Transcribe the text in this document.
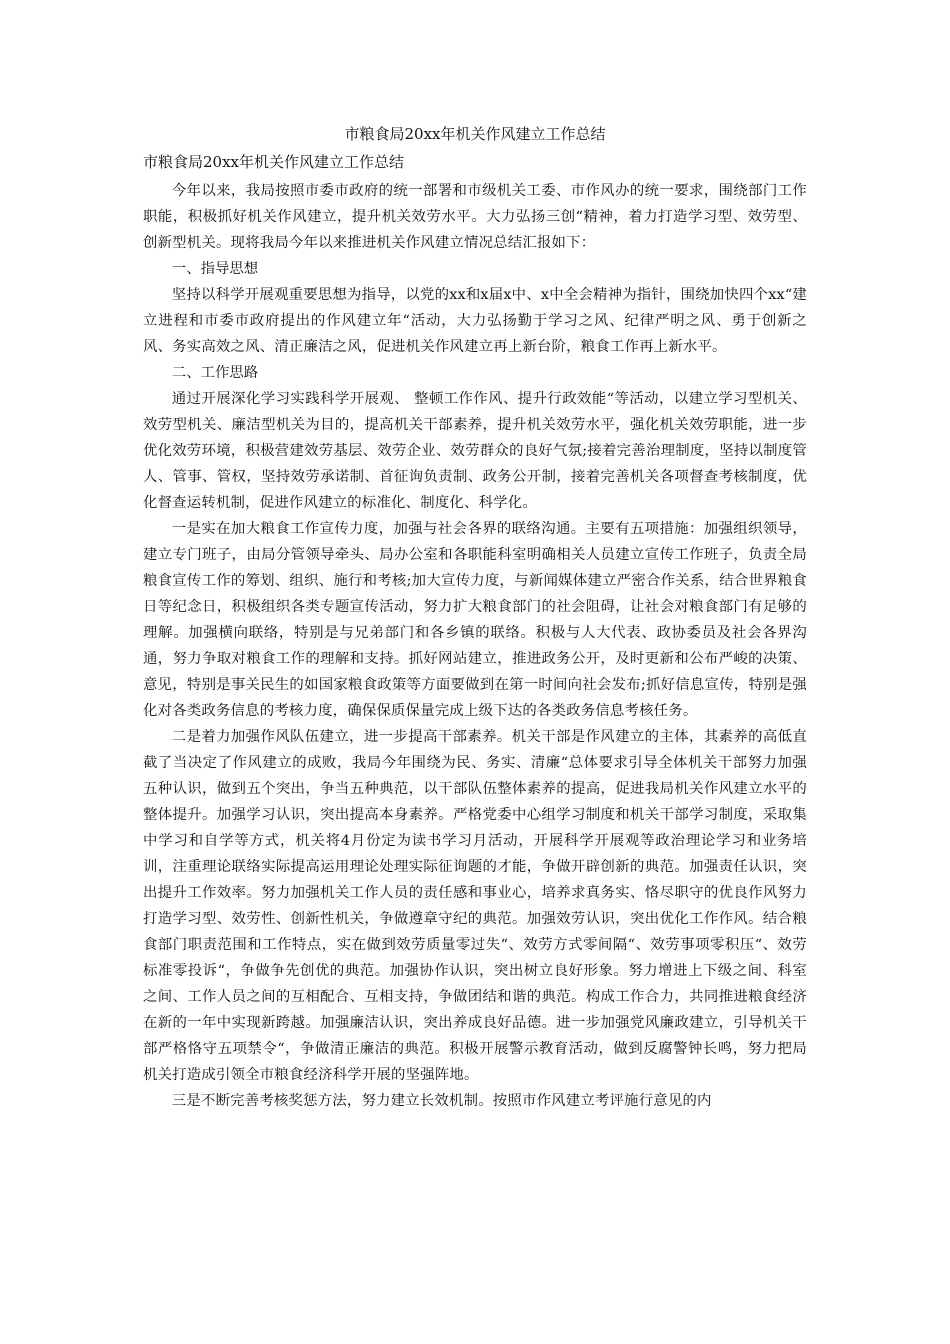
市粮食局20xx年机关作风建立工作总结
市粮食局20xx年机关作风建立工作总结

今年以来，我局按照市委市政府的统一部署和市级机关工委、市作风办的统一要求，围绕部门工作职能，积极抓好机关作风建立，提升机关效劳水平。大力弘扬三创“精神，着力打造学习型、效劳型、创新型机关。现将我局今年以来推进机关作风建立情况总结汇报如下：

一、指导思想

坚持以科学开展观重要思想为指导，以党的xx和x届x中、x中全会精神为指针，围绕加快四个xx“建立进程和市委市政府提出的作风建立年“活动，大力弘扬勤于学习之风、纪律严明之风、勇于创新之风、务实高效之风、清正廉洁之风，促进机关作风建立再上新台阶，粮食工作再上新水平。

二、工作思路

通过开展深化学习实践科学开展观、 整顿工作作风、提升行政效能“等活动，以建立学习型机关、效劳型机关、廉洁型机关为目的，提高机关干部素养，提升机关效劳水平，强化机关效劳职能，进一步优化效劳环境，积极营建效劳基层、效劳企业、效劳群众的良好气氛;接着完善治理制度，坚持以制度管人、管事、管权，坚持效劳承诺制、首征询负责制、政务公开制，接着完善机关各项督查考核制度，优化督查运转机制，促进作风建立的标准化、制度化、科学化。

一是实在加大粮食工作宣传力度，加强与社会各界的联络沟通。主要有五项措施：加强组织领导，建立专门班子，由局分管领导牵头、局办公室和各职能科室明确相关人员建立宣传工作班子，负责全局粮食宣传工作的筹划、组织、施行和考核;加大宣传力度，与新闻媒体建立严密合作关系，结合世界粮食日等纪念日，积极组织各类专题宣传活动，努力扩大粮食部门的社会阻碍，让社会对粮食部门有足够的理解。加强横向联络，特别是与兄弟部门和各乡镇的联络。积极与人大代表、政协委员及社会各界沟通，努力争取对粮食工作的理解和支持。抓好网站建立，推进政务公开，及时更新和公布严峻的决策、意见，特别是事关民生的如国家粮食政策等方面要做到在第一时间向社会发布;抓好信息宣传，特别是强化对各类政务信息的考核力度，确保保质保量完成上级下达的各类政务信息考核任务。

二是着力加强作风队伍建立，进一步提高干部素养。机关干部是作风建立的主体，其素养的高低直截了当决定了作风建立的成败，我局今年围绕为民、务实、清廉“总体要求引导全体机关干部努力加强五种认识，做到五个突出，争当五种典范，以干部队伍整体素养的提高，促进我局机关作风建立水平的整体提升。加强学习认识，突出提高本身素养。严格党委中心组学习制度和机关干部学习制度，采取集中学习和自学等方式，机关将4月份定为读书学习月活动，开展科学开展观等政治理论学习和业务培训，注重理论联络实际提高运用理论处理实际征询题的才能，争做开辟创新的典范。加强责任认识，突出提升工作效率。努力加强机关工作人员的责任感和事业心，培养求真务实、恪尽职守的优良作风努力打造学习型、效劳性、创新性机关，争做遵章守纪的典范。加强效劳认识，突出优化工作作风。结合粮食部门职责范围和工作特点，实在做到效劳质量零过失“、效劳方式零间隔“、效劳事项零积压“、效劳标准零投诉“，争做争先创优的典范。加强协作认识，突出树立良好形象。努力增进上下级之间、科室之间、工作人员之间的互相配合、互相支持，争做团结和谐的典范。构成工作合力，共同推进粮食经济在新的一年中实现新跨越。加强廉洁认识，突出养成良好品德。进一步加强党风廉政建立，引导机关干部严格恪守五项禁令“，争做清正廉洁的典范。积极开展警示教育活动，做到反腐警钟长鸣，努力把局机关打造成引领全市粮食经济科学开展的坚强阵地。

三是不断完善考核奖惩方法，努力建立长效机制。按照市作风建立考评施行意见的内
